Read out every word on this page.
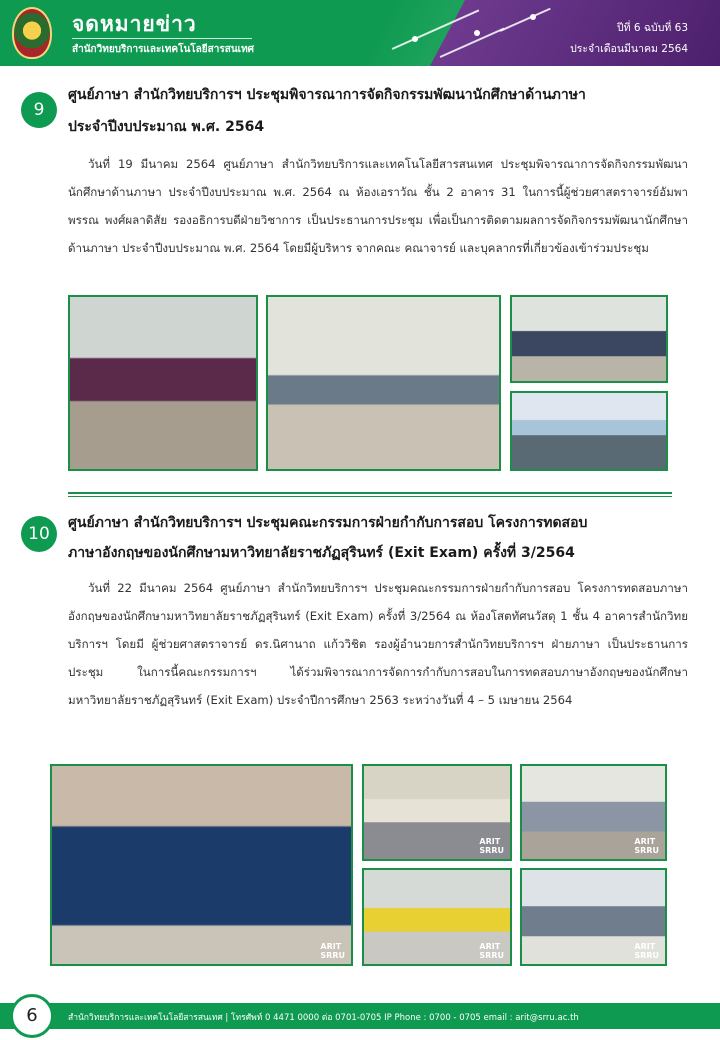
จดหมายข่าว
สำนักวิทยบริการและเทคโนโลยีสารสนเทศ
ปีที่ 6 ฉบับที่ 63
ประจำเดือนมีนาคม 2564
9
ศูนย์ภาษา สำนักวิทยบริการฯ ประชุมพิจารณาการจัดกิจกรรมพัฒนานักศึกษาด้านภาษา
ประจำปีงบประมาณ พ.ศ. 2564
วันที่ 19 มีนาคม 2564 ศูนย์ภาษา สำนักวิทยบริการและเทคโนโลยีสารสนเทศ ประชุมพิจารณาการจัดกิจกรรมพัฒนานักศึกษาด้านภาษา ประจำปีงบประมาณ พ.ศ. 2564 ณ ห้องเอราวัณ ชั้น 2 อาคาร 31 ในการนี้ผู้ช่วยศาสตราจารย์อัมพาพรรณ พงศ์ผลาดิสัย รองอธิการบดีฝ่ายวิชาการ เป็นประธานการประชุม เพื่อเป็นการติดตามผลการจัดกิจกรรมพัฒนานักศึกษาด้านภาษา ประจำปีงบประมาณ พ.ศ. 2564 โดยมีผู้บริหาร จากคณะ คณาจารย์ และบุคลากรที่เกี่ยวข้องเข้าร่วมประชุม
10
ศูนย์ภาษา สำนักวิทยบริการฯ ประชุมคณะกรรมการฝ่ายกำกับการสอบ โครงการทดสอบ
ภาษาอังกฤษของนักศึกษามหาวิทยาลัยราชภัฏสุรินทร์ (Exit Exam) ครั้งที่ 3/2564
วันที่ 22 มีนาคม 2564 ศูนย์ภาษา สำนักวิทยบริการฯ ประชุมคณะกรรมการฝ่ายกำกับการสอบ โครงการทดสอบภาษาอังกฤษของนักศึกษามหาวิทยาลัยราชภัฏสุรินทร์ (Exit Exam) ครั้งที่ 3/2564 ณ ห้องโสตทัศนวัสดุ 1 ชั้น 4 อาคารสำนักวิทยบริการฯ โดยมี ผู้ช่วยศาสตราจารย์ ดร.นิศานาถ แก้ววิชิต รองผู้อำนวยการสำนักวิทยบริการฯ ฝ่ายภาษา เป็นประธานการประชุม ในการนี้คณะกรรมการฯ ได้ร่วมพิจารณาการจัดการกำกับการสอบในการทดสอบภาษาอังกฤษของนักศึกษามหาวิทยาลัยราชภัฏสุรินทร์ (Exit Exam) ประจำปีการศึกษา 2563 ระหว่างวันที่ 4 – 5 เมษายน 2564
ARIT
SRRU
ARIT
SRRU
ARIT
SRRU
ARIT
SRRU
ARIT
SRRU
สำนักวิทยบริการและเทคโนโลยีสารสนเทศ | โทรศัพท์ 0 4471 0000 ต่อ 0701-0705 IP Phone : 0700 - 0705 email : arit@srru.ac.th
6
